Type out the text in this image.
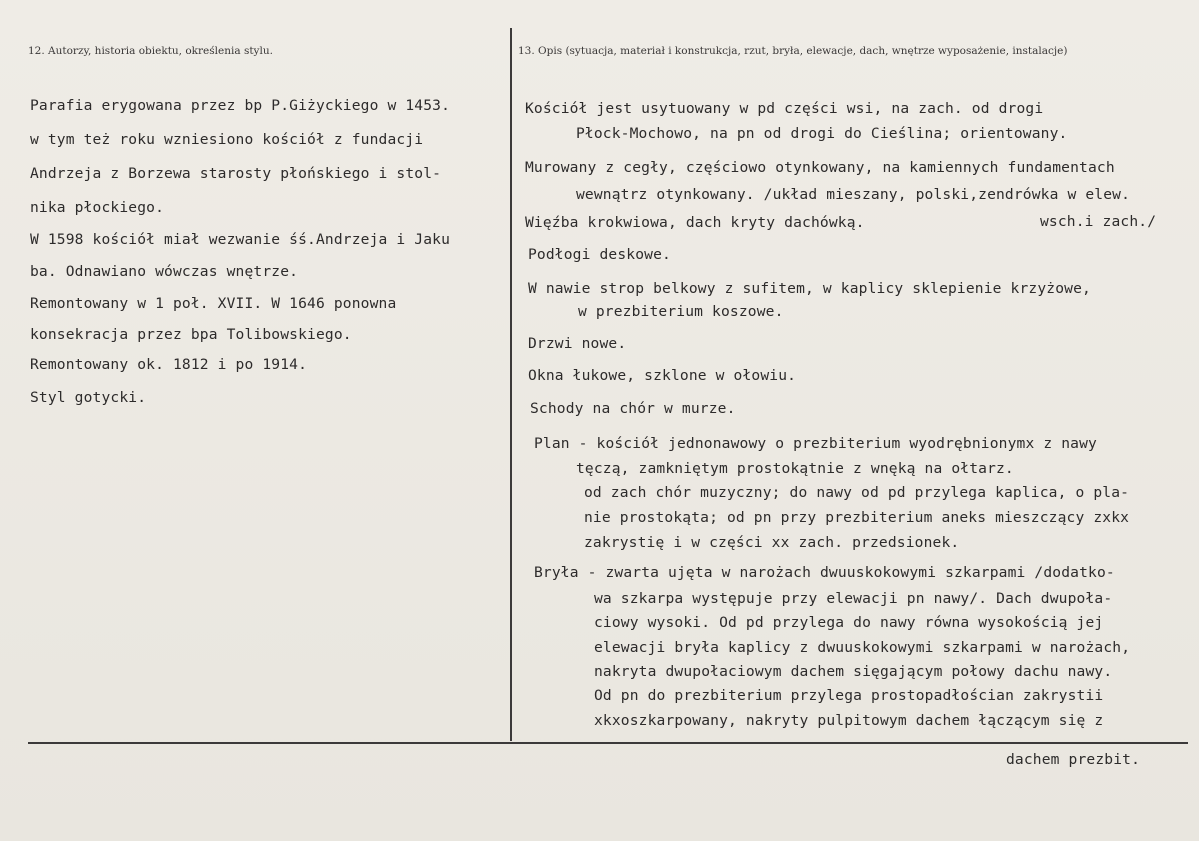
12. Autorzy, historia obiektu, określenia stylu.	13. Opis (sytuacja, materiał i konstrukcja, rzut, bryła, elewacje, dach, wnętrze wyposażenie, instalacje)
Parafia erygowana przez bp P.Giżyckiego w 1453.
w tym też roku wzniesiono kościół z fundacji
Andrzeja z Borzewa starosty płońskiego i stol-
nika płockiego.
W 1598 kościół miał wezwanie śś.Andrzeja i Jaku
ba. Odnawiano wówczas wnętrze.
Remontowany w 1 poł. XVII. W 1646 ponowna
konsekracja przez bpa Tolibowskiego.
Remontowany ok. 1812 i po 1914.
Styl gotycki.
Kościół jest usytuowany w pd części wsi, na zach. od drogi
Płock-Mochowo, na pn od drogi do Cieślina; orientowany.
Murowany z cegły, częściowo otynkowany, na kamiennych fundamentach
wewnątrz otynkowany. /układ mieszany, polski,zendrówka w elew.
Więźba krokwiowa, dach kryty dachówką.	wsch.i zach./
Podłogi deskowe.
W nawie strop belkowy z sufitem, w kaplicy sklepienie krzyżowe,
w prezbiterium koszowe.
Drzwi nowe.
Okna łukowe, szklone w ołowiu.
Schody na chór w murze.
Plan - kościół jednonawowy o prezbiterium wyodrębnionymx z nawy
tęczą, zamkniętym prostokątnie z wnęką na ołtarz.
od zach chór muzyczny; do nawy od pd przylega kaplica, o pla-
nie prostokąta; od pn przy prezbiterium aneks mieszczący zxkx
zakrystię i w części xx zach. przedsionek.
Bryła - zwarta ujęta w narożach dwuuskokowymi szkarpami /dodatko-
wa szkarpa występuje przy elewacji pn nawy/. Dach dwupoła-
ciowy wysoki. Od pd przylega do nawy równa wysokością jej
elewacji bryła kaplicy z dwuuskokowymi szkarpami w narożach,
nakryta dwupołaciowym dachem sięgającym połowy dachu nawy.
Od pn do prezbiterium przylega prostopadłościan zakrystii
xkxoszkarpowany, nakryty pulpitowym dachem łączącym się z
dachem prezbit.
